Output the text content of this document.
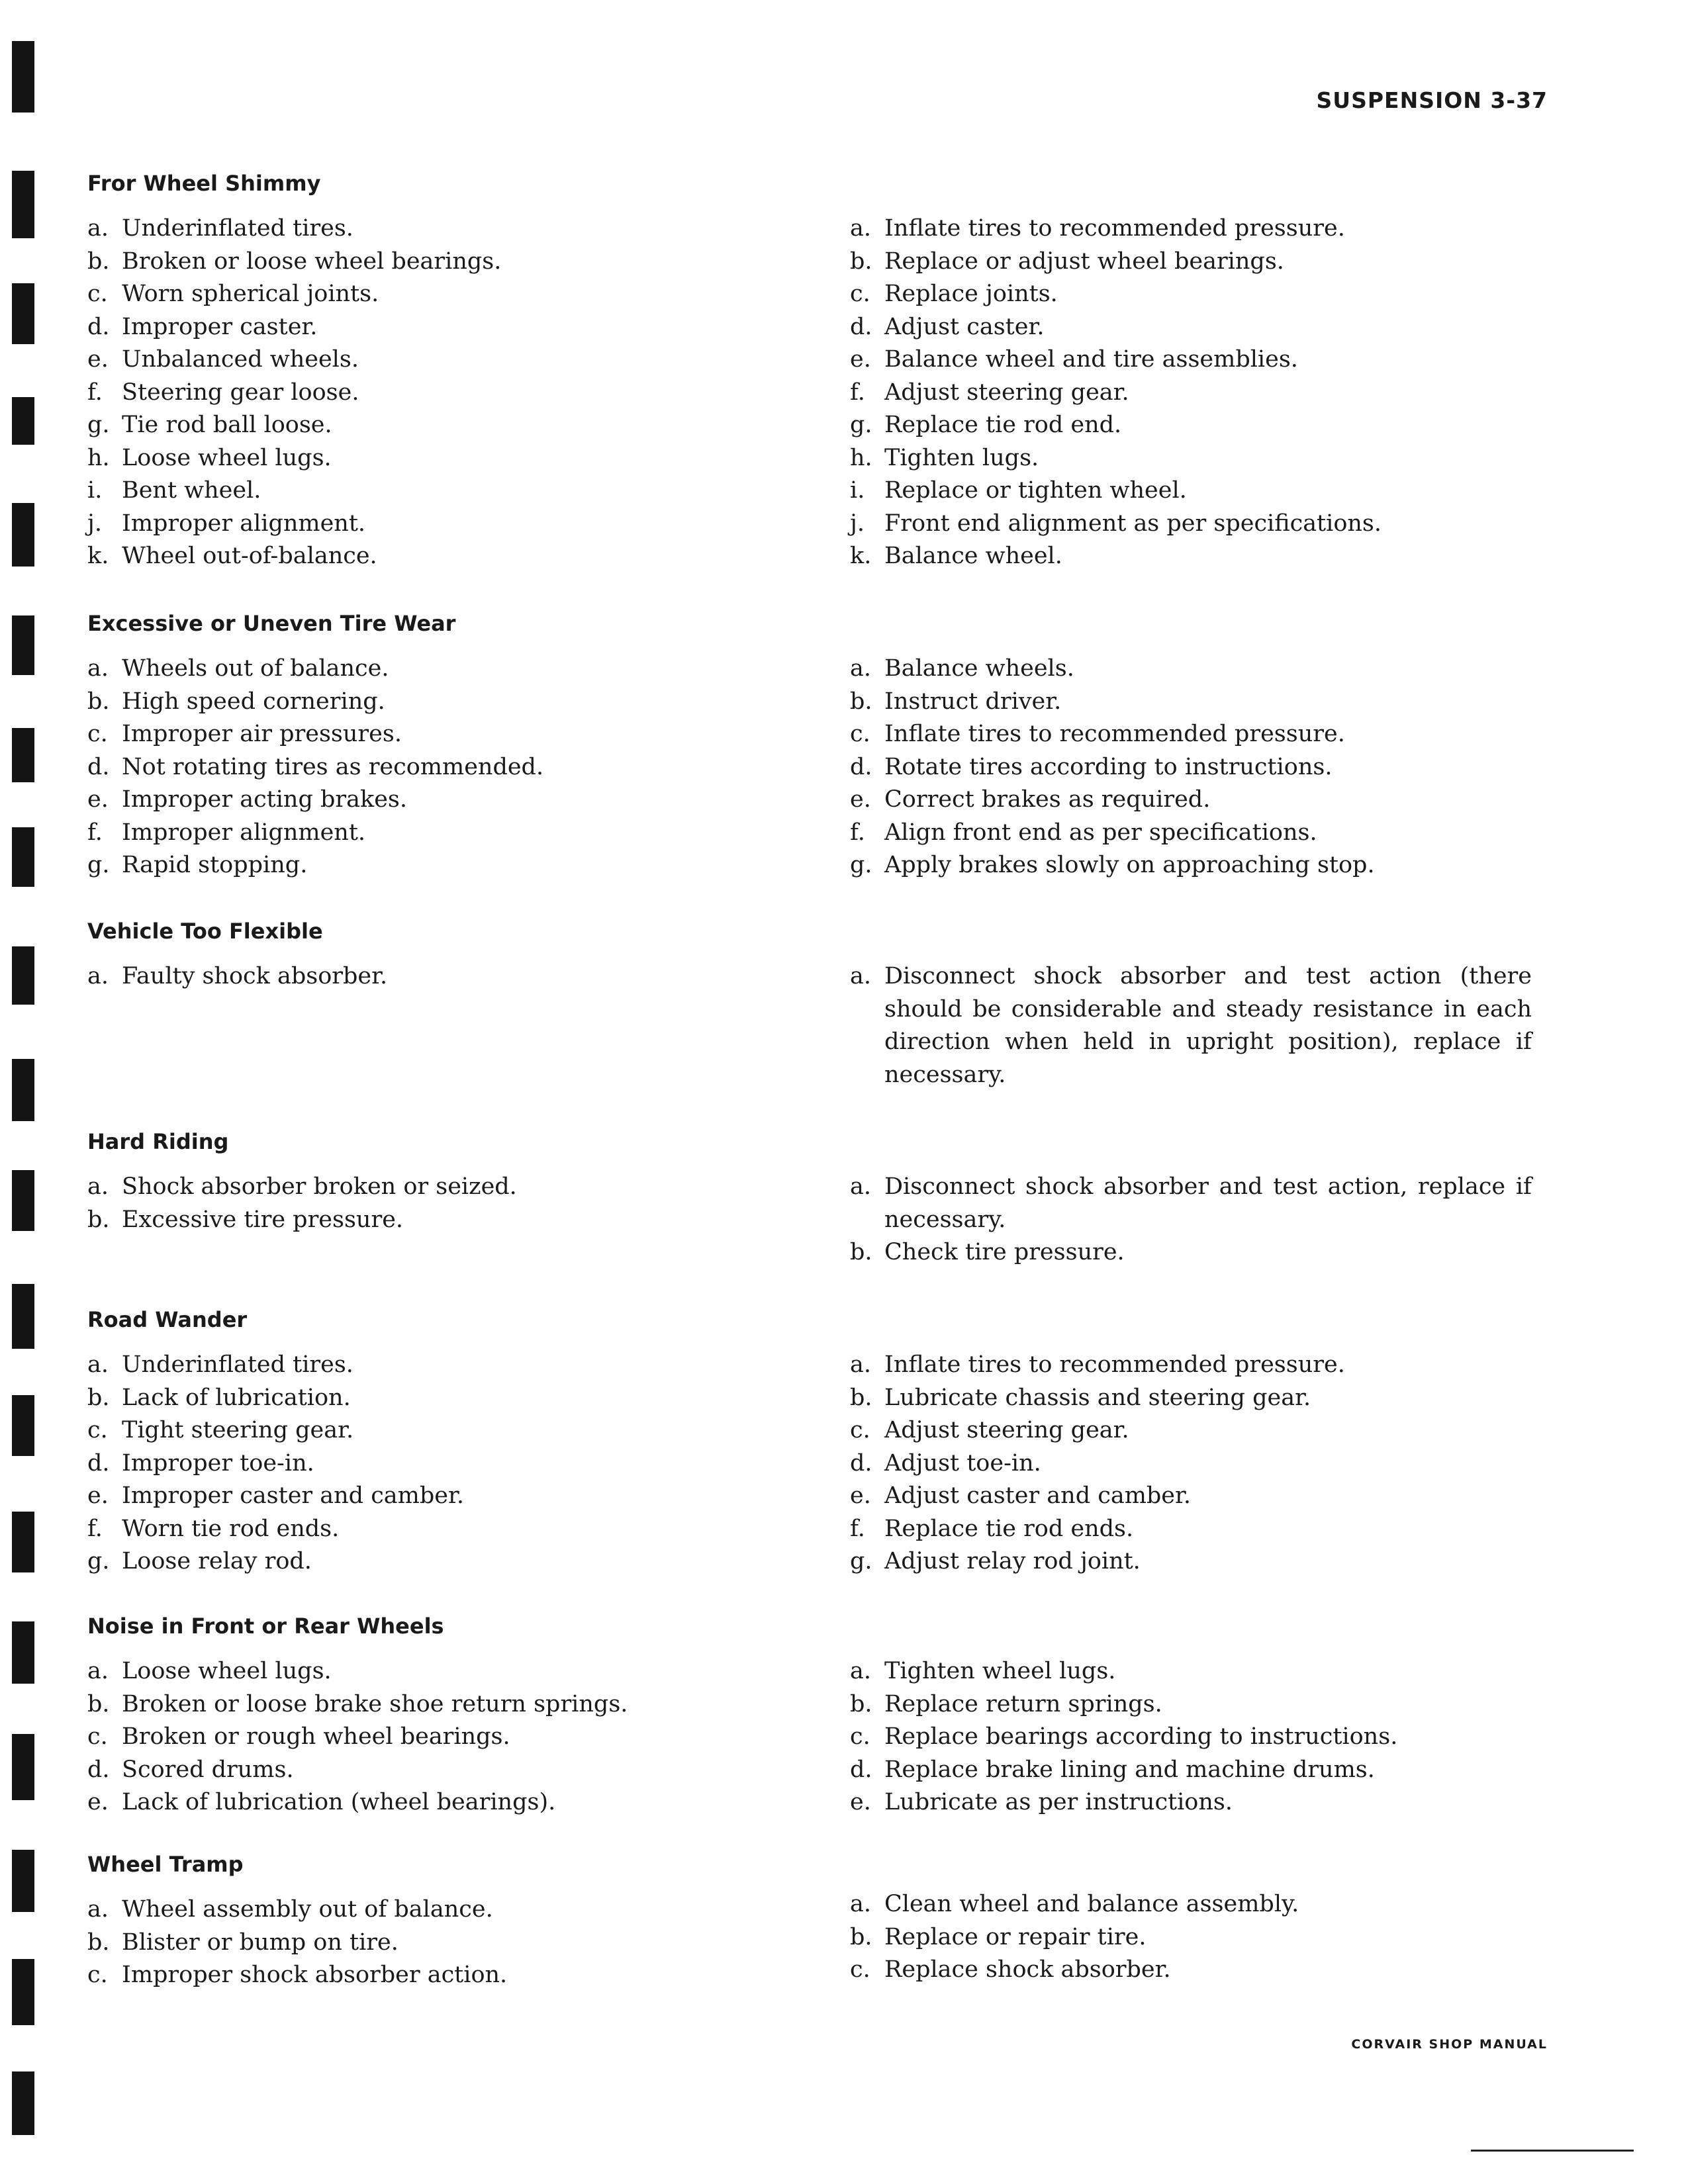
SUSPENSION 3-37
Fror Wheel Shimmy
a. Underinflated tires.
b. Broken or loose wheel bearings.
c. Worn spherical joints.
d. Improper caster.
e. Unbalanced wheels.
f. Steering gear loose.
g. Tie rod ball loose.
h. Loose wheel lugs.
i. Bent wheel.
j. Improper alignment.
k. Wheel out-of-balance.
a. Inflate tires to recommended pressure.
b. Replace or adjust wheel bearings.
c. Replace joints.
d. Adjust caster.
e. Balance wheel and tire assemblies.
f. Adjust steering gear.
g. Replace tie rod end.
h. Tighten lugs.
i. Replace or tighten wheel.
j. Front end alignment as per specifications.
k. Balance wheel.
Excessive or Uneven Tire Wear
a. Wheels out of balance.
b. High speed cornering.
c. Improper air pressures.
d. Not rotating tires as recommended.
e. Improper acting brakes.
f. Improper alignment.
g. Rapid stopping.
a. Balance wheels.
b. Instruct driver.
c. Inflate tires to recommended pressure.
d. Rotate tires according to instructions.
e. Correct brakes as required.
f. Align front end as per specifications.
g. Apply brakes slowly on approaching stop.
Vehicle Too Flexible
a. Faulty shock absorber.	a. Disconnect shock absorber and test action (there should be considerable and steady resistance in each direction when held in upright position), replace if necessary.
Hard Riding
a. Shock absorber broken or seized.
b. Excessive tire pressure.
a. Disconnect shock absorber and test action, replace if necessary.
b. Check tire pressure.
Road Wander
a. Underinflated tires.
b. Lack of lubrication.
c. Tight steering gear.
d. Improper toe-in.
e. Improper caster and camber.
f. Worn tie rod ends.
g. Loose relay rod.
a. Inflate tires to recommended pressure.
b. Lubricate chassis and steering gear.
c. Adjust steering gear.
d. Adjust toe-in.
e. Adjust caster and camber.
f. Replace tie rod ends.
g. Adjust relay rod joint.
Noise in Front or Rear Wheels
a. Loose wheel lugs.
b. Broken or loose brake shoe return springs.
c. Broken or rough wheel bearings.
d. Scored drums.
e. Lack of lubrication (wheel bearings).
a. Tighten wheel lugs.
b. Replace return springs.
c. Replace bearings according to instructions.
d. Replace brake lining and machine drums.
e. Lubricate as per instructions.
Wheel Tramp
a. Wheel assembly out of balance.
b. Blister or bump on tire.
c. Improper shock absorber action.
a. Clean wheel and balance assembly.
b. Replace or repair tire.
c. Replace shock absorber.
CORVAIR SHOP MANUAL
